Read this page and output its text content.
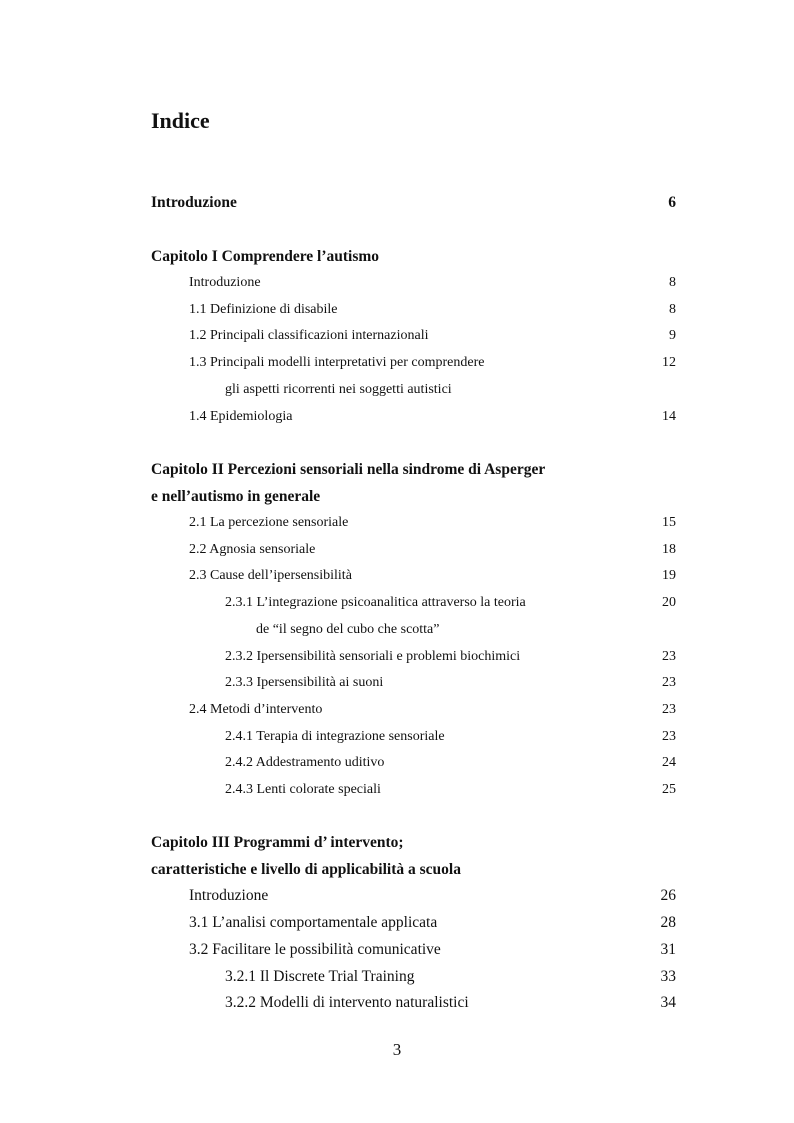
Indice
Introduzione	6
Capitolo I Comprendere l’autismo
Introduzione	8
1.1 Definizione di disabile	8
1.2 Principali classificazioni internazionali	9
1.3 Principali modelli interpretativi per comprendere	12
gli aspetti ricorrenti nei soggetti autistici
1.4 Epidemiologia	14
Capitolo II Percezioni sensoriali nella sindrome di Asperger
e nell’autismo in generale
2.1 La percezione sensoriale	15
2.2 Agnosia sensoriale	18
2.3 Cause dell’ipersensibilità	19
2.3.1 L’integrazione psicoanalitica attraverso la teoria	20
de “il segno del cubo che scotta”
2.3.2 Ipersensibilità sensoriali e problemi biochimici	23
2.3.3 Ipersensibilità ai suoni	23
2.4 Metodi d’intervento	23
2.4.1 Terapia di integrazione sensoriale	23
2.4.2 Addestramento uditivo	24
2.4.3 Lenti colorate speciali	25
Capitolo III Programmi d’ intervento;
caratteristiche e livello di applicabilità a scuola
Introduzione	26
3.1 L’analisi comportamentale applicata	28
3.2 Facilitare le possibilità comunicative	31
3.2.1 Il Discrete Trial Training	33
3.2.2 Modelli di intervento naturalistici	34
3
